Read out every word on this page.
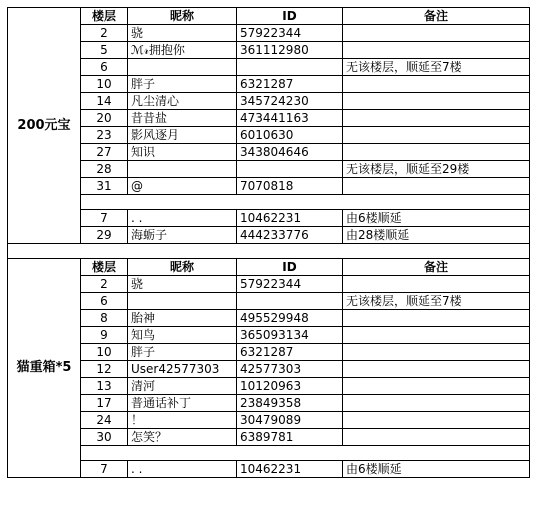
200元宝	楼层	昵称	ID	备注
	2	骁	57922344	
	5	ℳ𝓇拥抱你	361112980	
	6			无该楼层，顺延至7楼
	10	胖子	6321287	
	14	凡尘清心	345724230	
	20	昔昔盐	473441163	
	23	影风逐月	6010630	
	27	知识	343804646	
	28			无该楼层，顺延至29楼
	31	@	7070818	

	7	. .	10462231	由6楼顺延
	29	海蛎子	444233776	由28楼顺延

猫重箱*5	楼层	昵称	ID	备注
	2	骁	57922344	
	6			无该楼层，顺延至7楼
	8	胎神	495529948	
	9	知鸟	365093134	
	10	胖子	6321287	
	12	User42577303	42577303	
	13	清河	10120963	
	17	普通话补丁	23849358	
	24	！	30479089	
	30	怎笑？	6389781	

	7	. .	10462231	由6楼顺延
